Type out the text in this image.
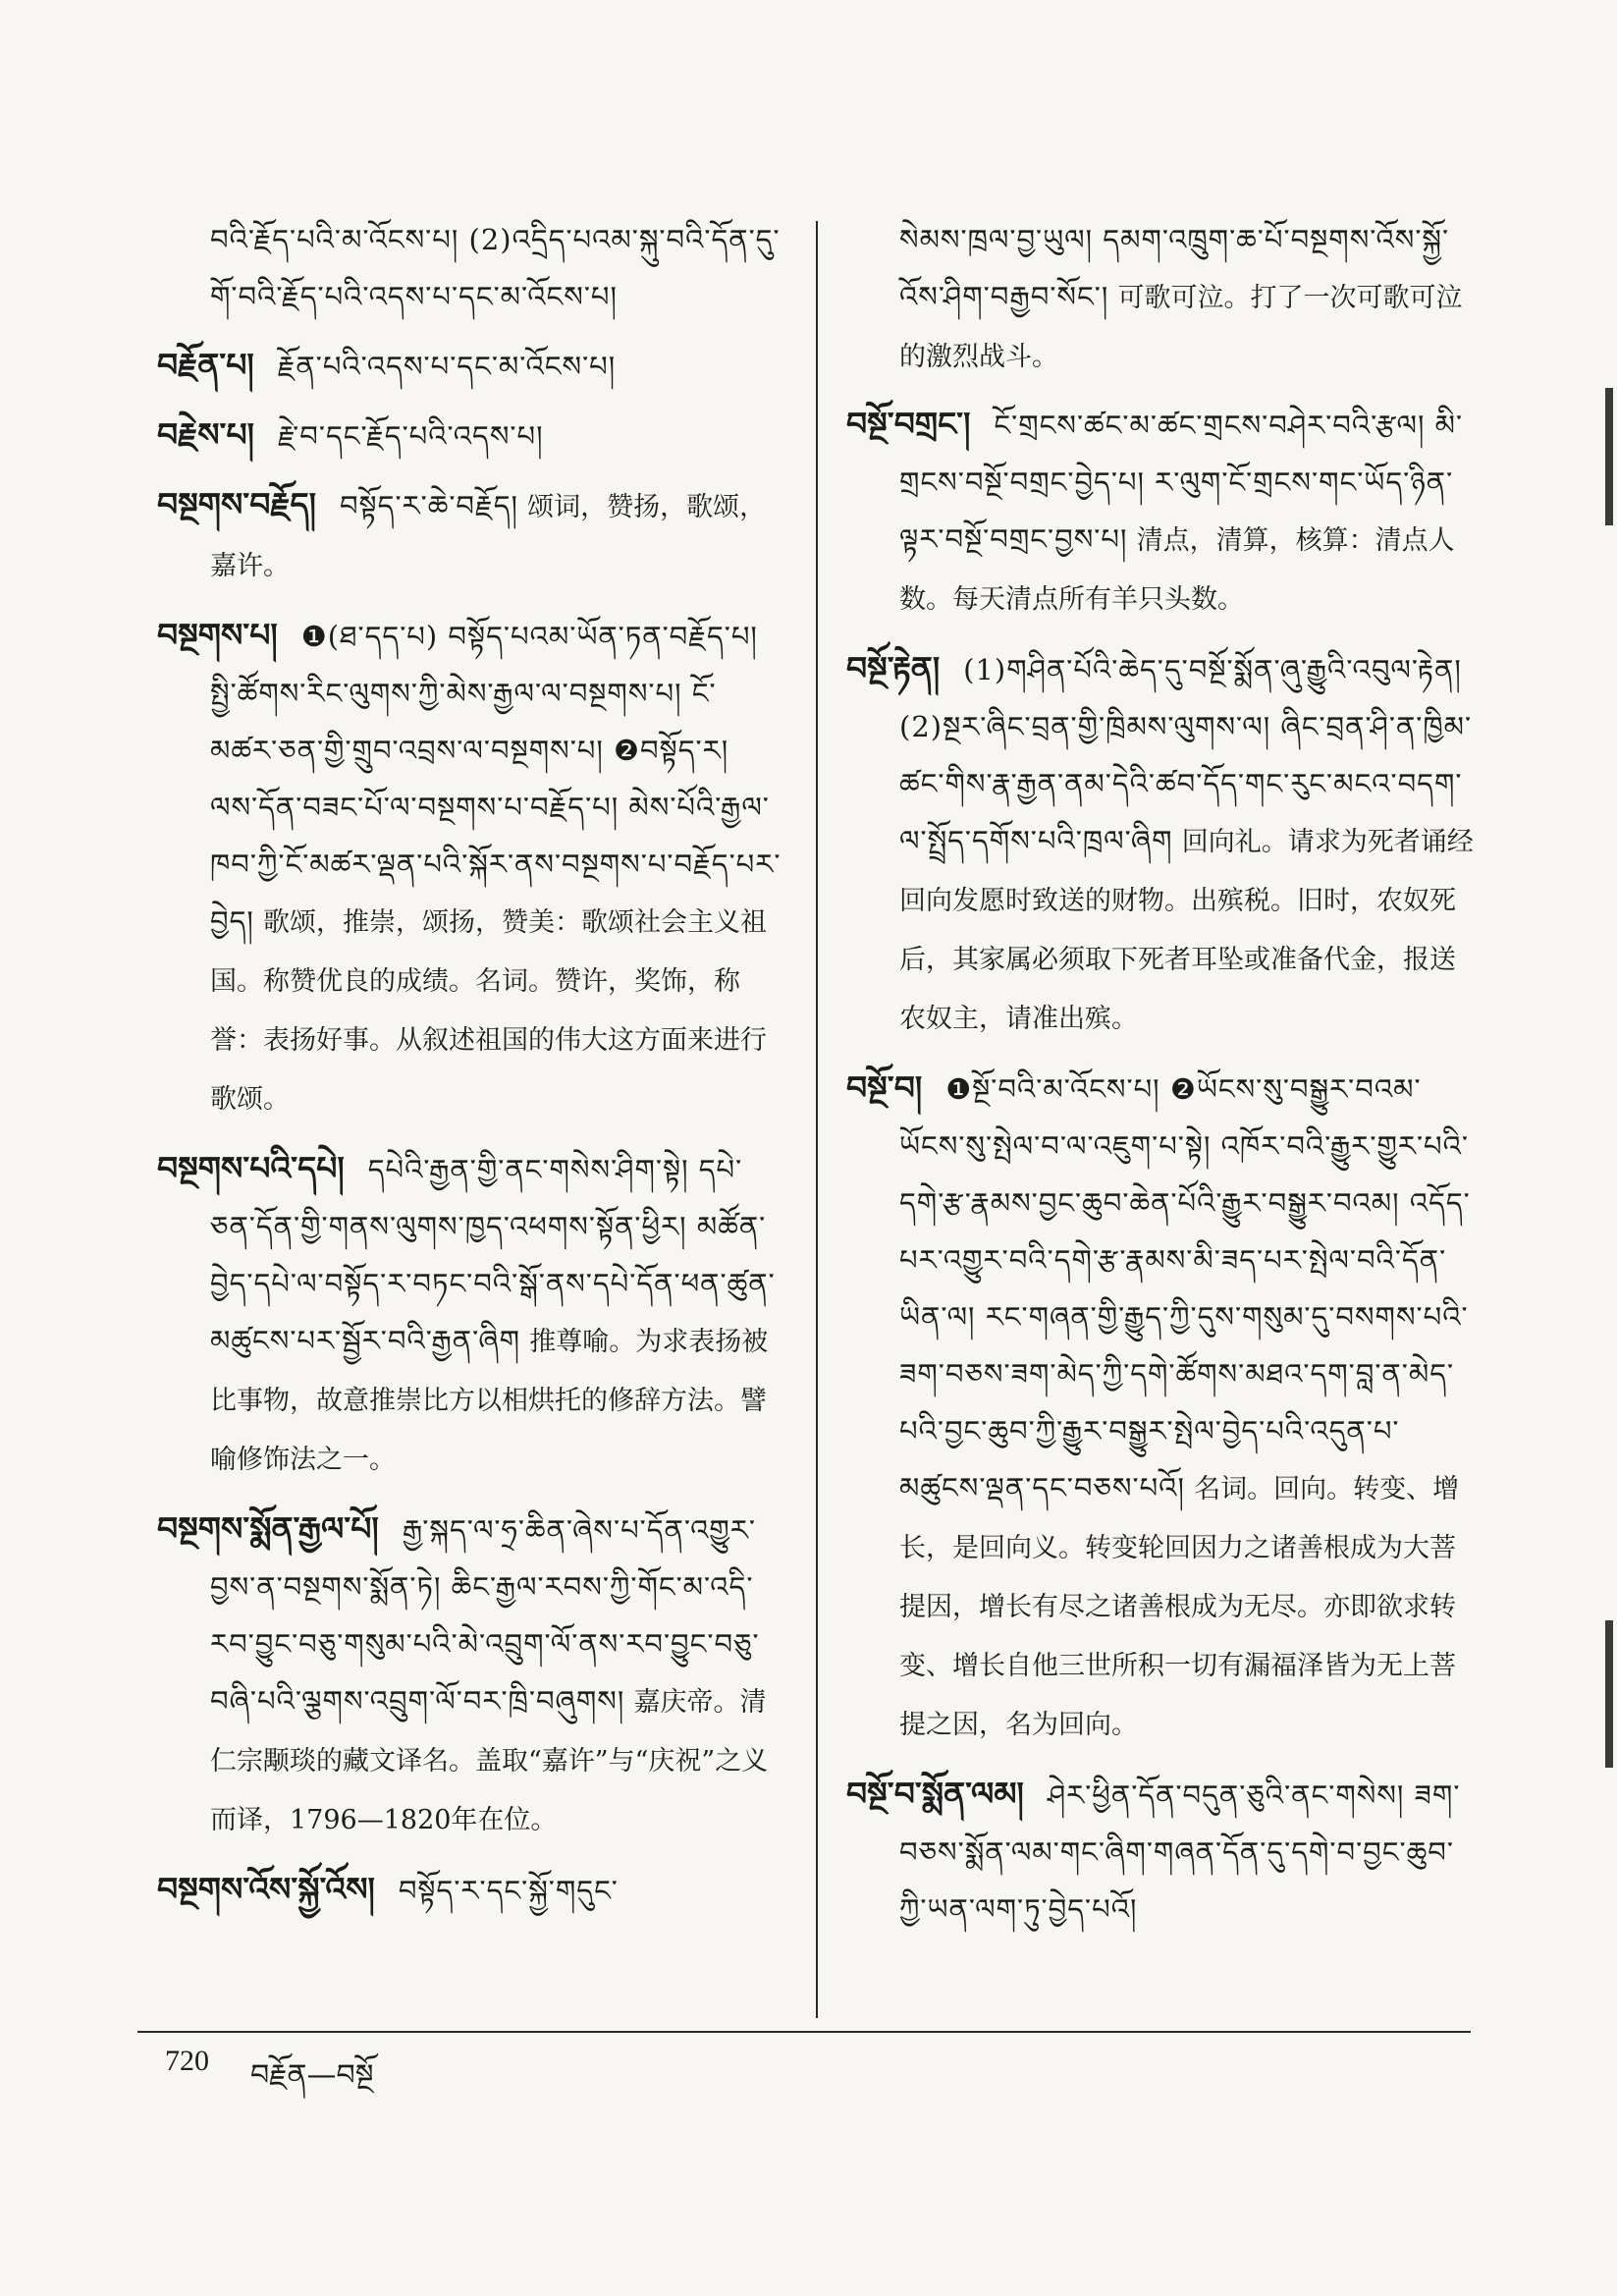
བའི་རྗོད་པའི་མ་འོངས་པ། (2)འདྲིད་པའམ་སྐུ་བའི་དོན་དུ་གོ་བའི་རྗོད་པའི་འདས་པ་དང་མ་འོངས་པ།
བརྗོན་པ། རྗོན་པའི་འདས་པ་དང་མ་འོངས་པ།
བརྗེས་པ། རྗེ་བ་དང་རྗོད་པའི་འདས་པ།
བསྔགས་བརྗོད། བསྟོད་ར་ཆེ་བརྗོད། 颂词，赞扬，歌颂，嘉许。
བསྔགས་པ། ❶(ཐ་དད་པ) བསྟོད་པའམ་ཡོན་ཏན་བརྗོད་པ། སྤྱི་ཚོགས་རིང་ལུགས་ཀྱི་མེས་རྒྱལ་ལ་བསྔགས་པ། ངོ་མཚར་ཅན་གྱི་གྲུབ་འབྲས་ལ་བསྔགས་པ། ❷བསྟོད་ར། ལས་དོན་བཟང་པོ་ལ་བསྔགས་པ་བརྗོད་པ། མེས་པོའི་རྒྱལ་ཁབ་ཀྱི་ངོ་མཚར་ལྡན་པའི་སྐོར་ནས་བསྔགས་པ་བརྗོད་པར་བྱེད། 歌颂，推崇，颂扬，赞美：歌颂社会主义祖国。称赞优良的成绩。名词。赞许，奖饰，称誉：表扬好事。从叙述祖国的伟大这方面来进行歌颂。
བསྔགས་པའི་དཔེ། དཔེའི་རྒྱན་གྱི་ནང་གསེས་ཤིག་སྟེ། དཔེ་ཅན་དོན་གྱི་གནས་ལུགས་ཁྱད་འཕགས་སྟོན་ཕྱིར། མཚོན་བྱེད་དཔེ་ལ་བསྟོད་ར་བཏང་བའི་སྒོ་ནས་དཔེ་དོན་ཕན་ཚུན་མཚུངས་པར་སྦྱོར་བའི་རྒྱན་ཞིག 推尊喻。为求表扬被比事物，故意推崇比方以相烘托的修辞方法。譬喻修饰法之一。
བསྔགས་སྨོན་རྒྱལ་པོ། རྒྱ་སྐད་ལ་ཧྲ་ཆིན་ཞེས་པ་དོན་འགྱུར་བྱས་ན་བསྔགས་སྨོན་ཏེ། ཆིང་རྒྱལ་རབས་ཀྱི་གོང་མ་འདི་རབ་བྱུང་བཅུ་གསུམ་པའི་མེ་འབྲུག་ལོ་ནས་རབ་བྱུང་བཅུ་བཞི་པའི་ལྕགས་འབྲུག་ལོ་བར་ཁྲི་བཞུགས། 嘉庆帝。清仁宗颙琰的藏文译名。盖取“嘉许”与“庆祝”之义而译，1796—1820年在位。
བསྔགས་འོས་སྐྱོ་འོས། བསྟོད་ར་དང་སྐྱོ་གདུང་
སེམས་ཁྲལ་བྱ་ཡུལ། དམག་འཁྲུག་ཆ་པོ་བསྔགས་འོས་སྐྱོ་འོས་ཤིག་བརྒྱབ་སོང་། 可歌可泣。打了一次可歌可泣的激烈战斗。
བསྔོ་བགྲང་། ངོ་གྲངས་ཚང་མ་ཚང་གྲངས་བཤེར་བའི་རྩལ། མི་གྲངས་བསྔོ་བགྲང་བྱེད་པ། ར་ལུག་ངོ་གྲངས་གང་ཡོད་ཉིན་ལྟར་བསྔོ་བགྲང་བྱས་པ། 清点，清算，核算：清点人数。每天清点所有羊只头数。
བསྔོ་རྟེན། (1)གཤིན་པོའི་ཆེད་དུ་བསྔོ་སྨོན་ཞུ་རྒྱུའི་འབུལ་རྟེན། (2)སྔར་ཞིང་བྲན་གྱི་ཁྲིམས་ལུགས་ལ། ཞིང་བྲན་ཤི་ན་ཁྱིམ་ཚང་གིས་རྣ་རྒྱན་ནམ་དེའི་ཚབ་དོད་གང་རུང་མངའ་བདག་ལ་སྤྲོད་དགོས་པའི་ཁྲལ་ཞིག 回向礼。请求为死者诵经回向发愿时致送的财物。出殡税。旧时，农奴死后，其家属必须取下死者耳坠或准备代金，报送农奴主，请准出殡。
བསྔོ་བ། ❶སྔོ་བའི་མ་འོངས་པ། ❷ཡོངས་སུ་བསྒྱུར་བའམ་ཡོངས་སུ་སྤེལ་བ་ལ་འཇུག་པ་སྟེ། འཁོར་བའི་རྒྱུར་གྱུར་པའི་དགེ་རྩ་རྣམས་བྱང་ཆུབ་ཆེན་པོའི་རྒྱུར་བསྒྱུར་བའམ། འདོད་པར་འགྱུར་བའི་དགེ་རྩ་རྣམས་མི་ཟད་པར་སྤེལ་བའི་དོན་ཡིན་ལ། རང་གཞན་གྱི་རྒྱུད་ཀྱི་དུས་གསུམ་དུ་བསགས་པའི་ཟག་བཅས་ཟག་མེད་ཀྱི་དགེ་ཚོགས་མཐའ་དག་བླ་ན་མེད་པའི་བྱང་ཆུབ་ཀྱི་རྒྱུར་བསྒྱུར་སྤེལ་བྱེད་པའི་འདུན་པ་མཚུངས་ལྡན་དང་བཅས་པའོ། 名词。回向。转变、增长，是回向义。转变轮回因力之诸善根成为大菩提因，增长有尽之诸善根成为无尽。亦即欲求转变、增长自他三世所积一切有漏福泽皆为无上菩提之因，名为回向。
བསྔོ་བ་སྨོན་ལམ། ཤེར་ཕྱིན་དོན་བདུན་ཅུའི་ནང་གསེས། ཟག་བཅས་སྨོན་ལམ་གང་ཞིག་གཞན་དོན་དུ་དགེ་བ་བྱང་ཆུབ་ཀྱི་ཡན་ལག་ཏུ་བྱེད་པའོ།
720 བརྗོན—བསྔོ
